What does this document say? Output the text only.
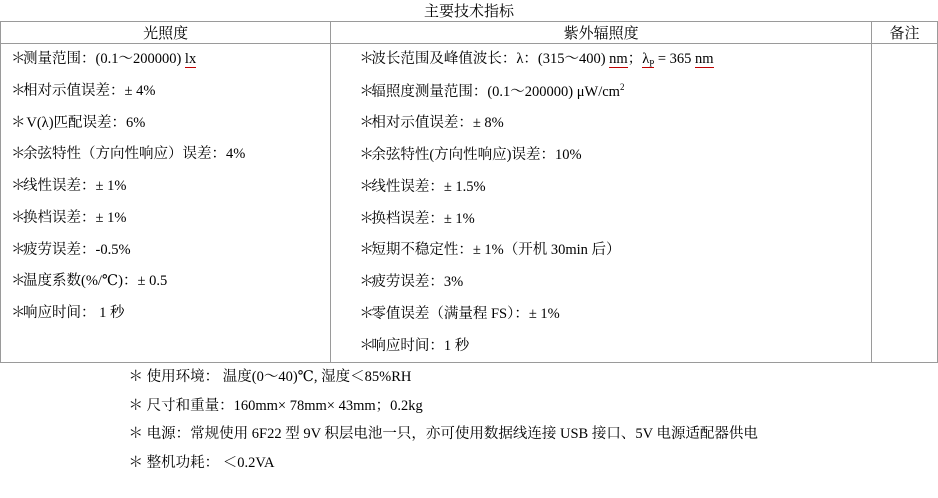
主要技术指标		
光照度	紫外辐照度	备注

＊测量范围：(0.1～200000) lx
＊相对示值误差：± 4%
＊ V(λ)匹配误差：6%
＊余弦特性（方向性响应）误差：4%
＊线性误差：± 1%
＊换档误差：± 1%
＊疲劳误差：-0.5%
＊温度系数(%/℃)：± 0.5
＊响应时间： 1 秒

＊波长范围及峰值波长：λ：(315～400) nm；λP = 365 nm
＊辐照度测量范围：(0.1～200000) $\mu W/cm^2$
＊相对示值误差：± 8%
＊余弦特性(方向性响应)误差：10%
＊线性误差：± 1.5%
＊换档误差：± 1%
＊短期不稳定性：± 1%（开机 30min 后）
＊疲劳误差：3%
＊零值误差（满量程 FS）：± 1%
＊响应时间：1 秒

＊ 使用环境： 温度(0～40)℃, 湿度＜85%RH
＊ 尺寸和重量：160mm× 78mm× 43mm；0.2kg
＊ 电源：常规使用 6F22 型 9V 积层电池一只，亦可使用数据线连接 USB 接口、5V 电源适配器供电
＊ 整机功耗： ＜0.2VA
